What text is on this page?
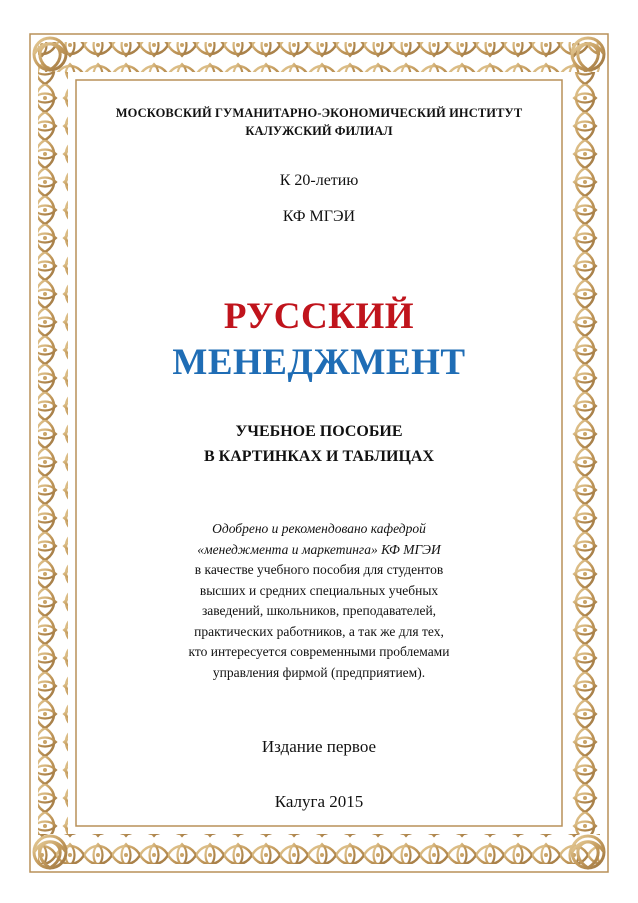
МОСКОВСКИЙ ГУМАНИТАРНО-ЭКОНОМИЧЕСКИЙ ИНСТИТУТ
КАЛУЖСКИЙ ФИЛИАЛ
К 20-летию
КФ МГЭИ
РУССКИЙ
МЕНЕДЖМЕНТ
УЧЕБНОЕ ПОСОБИЕ
В КАРТИНКАХ И ТАБЛИЦАХ
Одобрено и рекомендовано кафедрой
«менеджмента и маркетинга» КФ МГЭИ
в качестве учебного пособия для студентов
высших и средних специальных учебных
заведений, школьников, преподавателей,
практических работников, а так же для тех,
кто интересуется современными проблемами
управления фирмой (предприятием).
Издание первое
Калуга 2015
